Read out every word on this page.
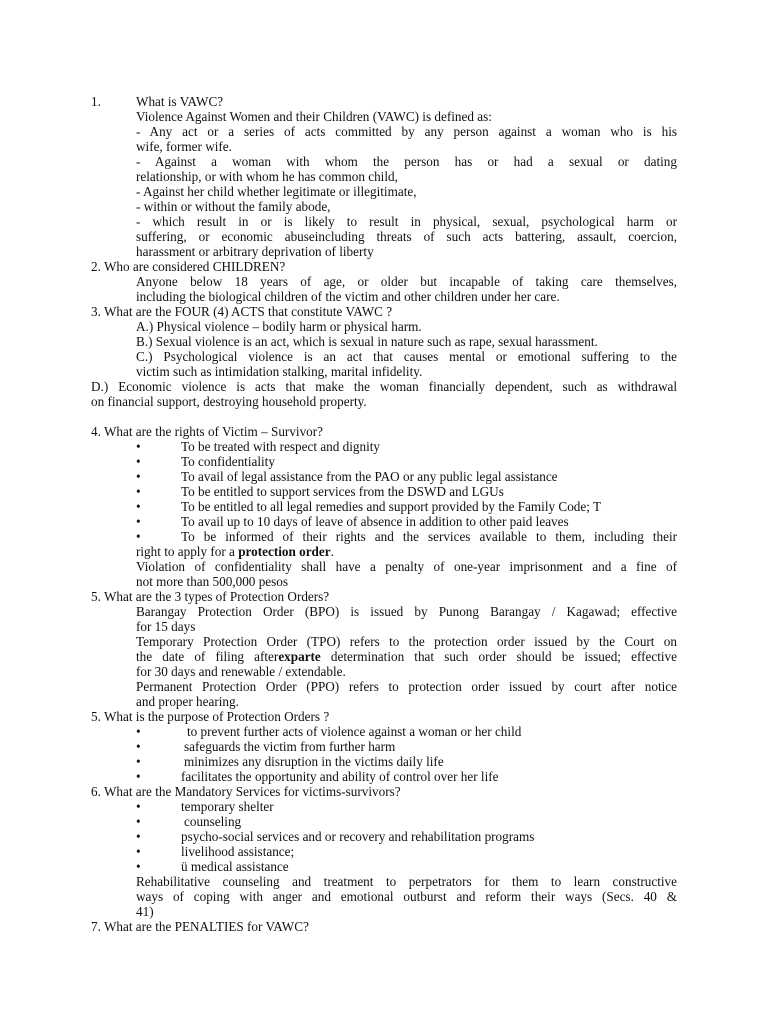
1.	What is VAWC?
Violence Against Women and their Children (VAWC) is defined as:
- Any act or a series of acts committed by any person against a woman who is his
wife, former wife.
- Against a woman with whom the person has or had a sexual or dating
relationship, or with whom he has common child,
- Against her child whether legitimate or illegitimate,
- within or without the family abode,
- which result in or is likely to result in physical, sexual, psychological harm or
suffering, or economic abuseincluding threats of such acts battering, assault, coercion,
harassment or arbitrary deprivation of liberty
2. Who are considered CHILDREN?
Anyone below 18 years of age, or older but incapable of taking care themselves,
including the biological children of the victim and other children under her care.
3. What are the FOUR (4) ACTS that constitute VAWC ?
A.) Physical violence – bodily harm or physical harm.
B.) Sexual violence is an act, which is sexual in nature such as rape, sexual harassment.
C.) Psychological violence is an act that causes mental or emotional suffering to the
victim such as intimidation stalking, marital infidelity.
D.) Economic violence is acts that make the woman financially dependent, such as withdrawal
on financial support, destroying household property.
4. What are the rights of Victim – Survivor?
•	To be treated with respect and dignity
•	To confidentiality
•	To avail of legal assistance from the PAO or any public legal assistance
•	To be entitled to support services from the DSWD and LGUs
•	To be entitled to all legal remedies and support provided by the Family Code; T
•	To avail up to 10 days of leave of absence in addition to other paid leaves
•	To be informed of their rights and the services available to them, including their
right to apply for a protection order.
Violation of confidentiality shall have a penalty of one-year imprisonment and a fine of
not more than 500,000 pesos
5. What are the 3 types of Protection Orders?
Barangay Protection Order (BPO) is issued by Punong Barangay / Kagawad; effective
for 15 days
Temporary Protection Order (TPO) refers to the protection order issued by the Court on
the date of filing afterexparte determination that such order should be issued; effective
for 30 days and renewable / extendable.
Permanent Protection Order (PPO) refers to protection order issued by court after notice
and proper hearing.
5. What is the purpose of Protection Orders ?
•	to prevent further acts of violence against a woman or her child
•	safeguards the victim from further harm
•	minimizes any disruption in the victims daily life
•	facilitates the opportunity and ability of control over her life
6. What are the Mandatory Services for victims-survivors?
•	temporary shelter
•	counseling
•	psycho-social services and or recovery and rehabilitation programs
•	livelihood assistance;
•	ü medical assistance
Rehabilitative counseling and treatment to perpetrators for them to learn constructive
ways of coping with anger and emotional outburst and reform their ways (Secs. 40 &
41)
7. What are the PENALTIES for VAWC?
